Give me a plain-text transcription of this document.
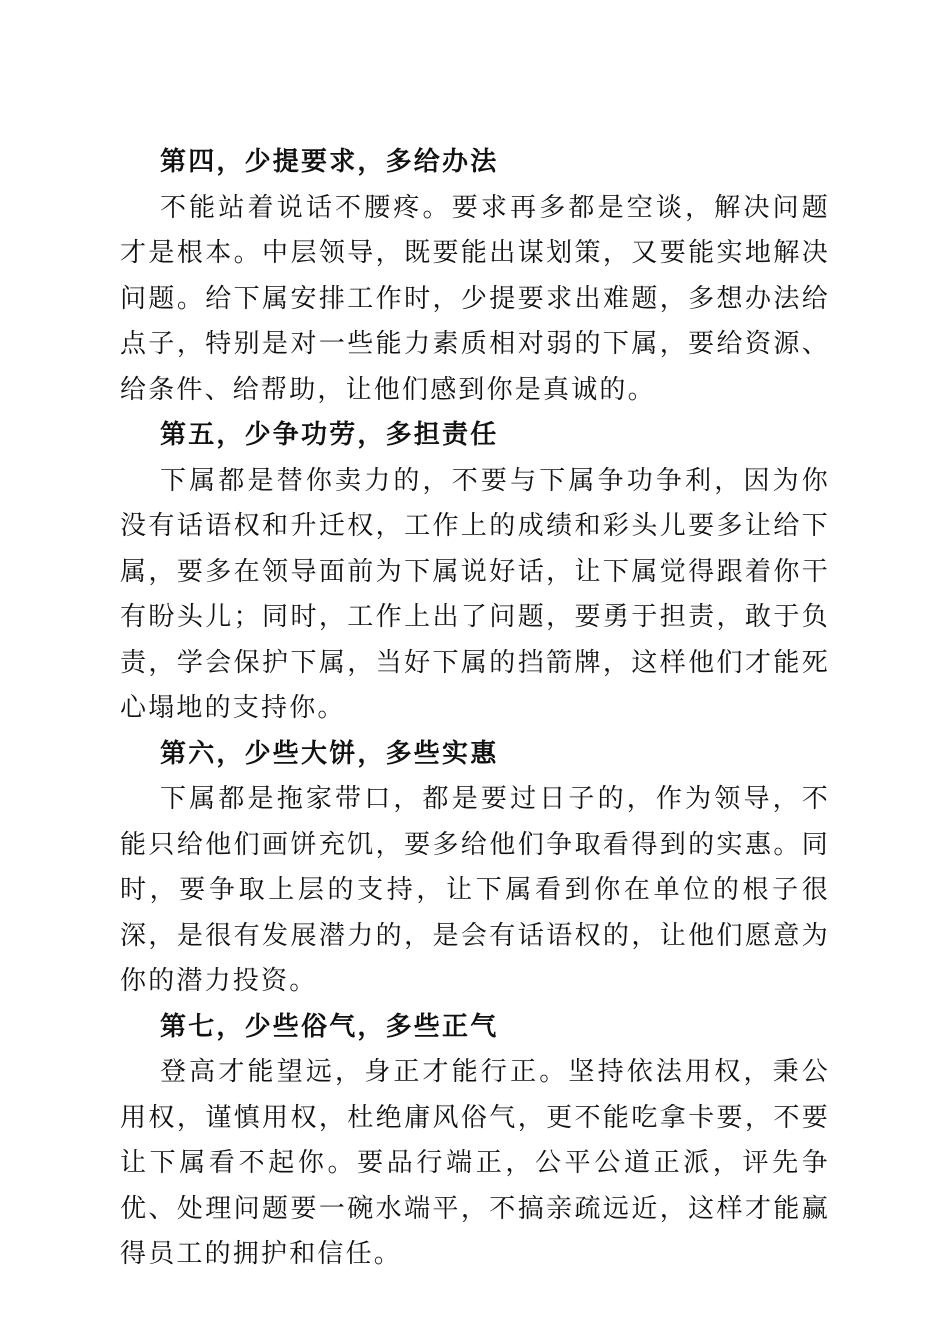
第四，少提要求，多给办法

不能站着说话不腰疼。要求再多都是空谈，解决问题才是根本。中层领导，既要能出谋划策，又要能实地解决问题。给下属安排工作时，少提要求出难题，多想办法给点子，特别是对一些能力素质相对弱的下属，要给资源、给条件、给帮助，让他们感到你是真诚的。

第五，少争功劳，多担责任

下属都是替你卖力的，不要与下属争功争利，因为你没有话语权和升迁权，工作上的成绩和彩头儿要多让给下属，要多在领导面前为下属说好话，让下属觉得跟着你干有盼头儿；同时，工作上出了问题，要勇于担责，敢于负责，学会保护下属，当好下属的挡箭牌，这样他们才能死心塌地的支持你。

第六，少些大饼，多些实惠

下属都是拖家带口，都是要过日子的，作为领导，不能只给他们画饼充饥，要多给他们争取看得到的实惠。同时，要争取上层的支持，让下属看到你在单位的根子很深，是很有发展潜力的，是会有话语权的，让他们愿意为你的潜力投资。

第七，少些俗气，多些正气

登高才能望远，身正才能行正。坚持依法用权，秉公用权，谨慎用权，杜绝庸风俗气，更不能吃拿卡要，不要让下属看不起你。要品行端正，公平公道正派，评先争优、处理问题要一碗水端平，不搞亲疏远近，这样才能赢得员工的拥护和信任。
